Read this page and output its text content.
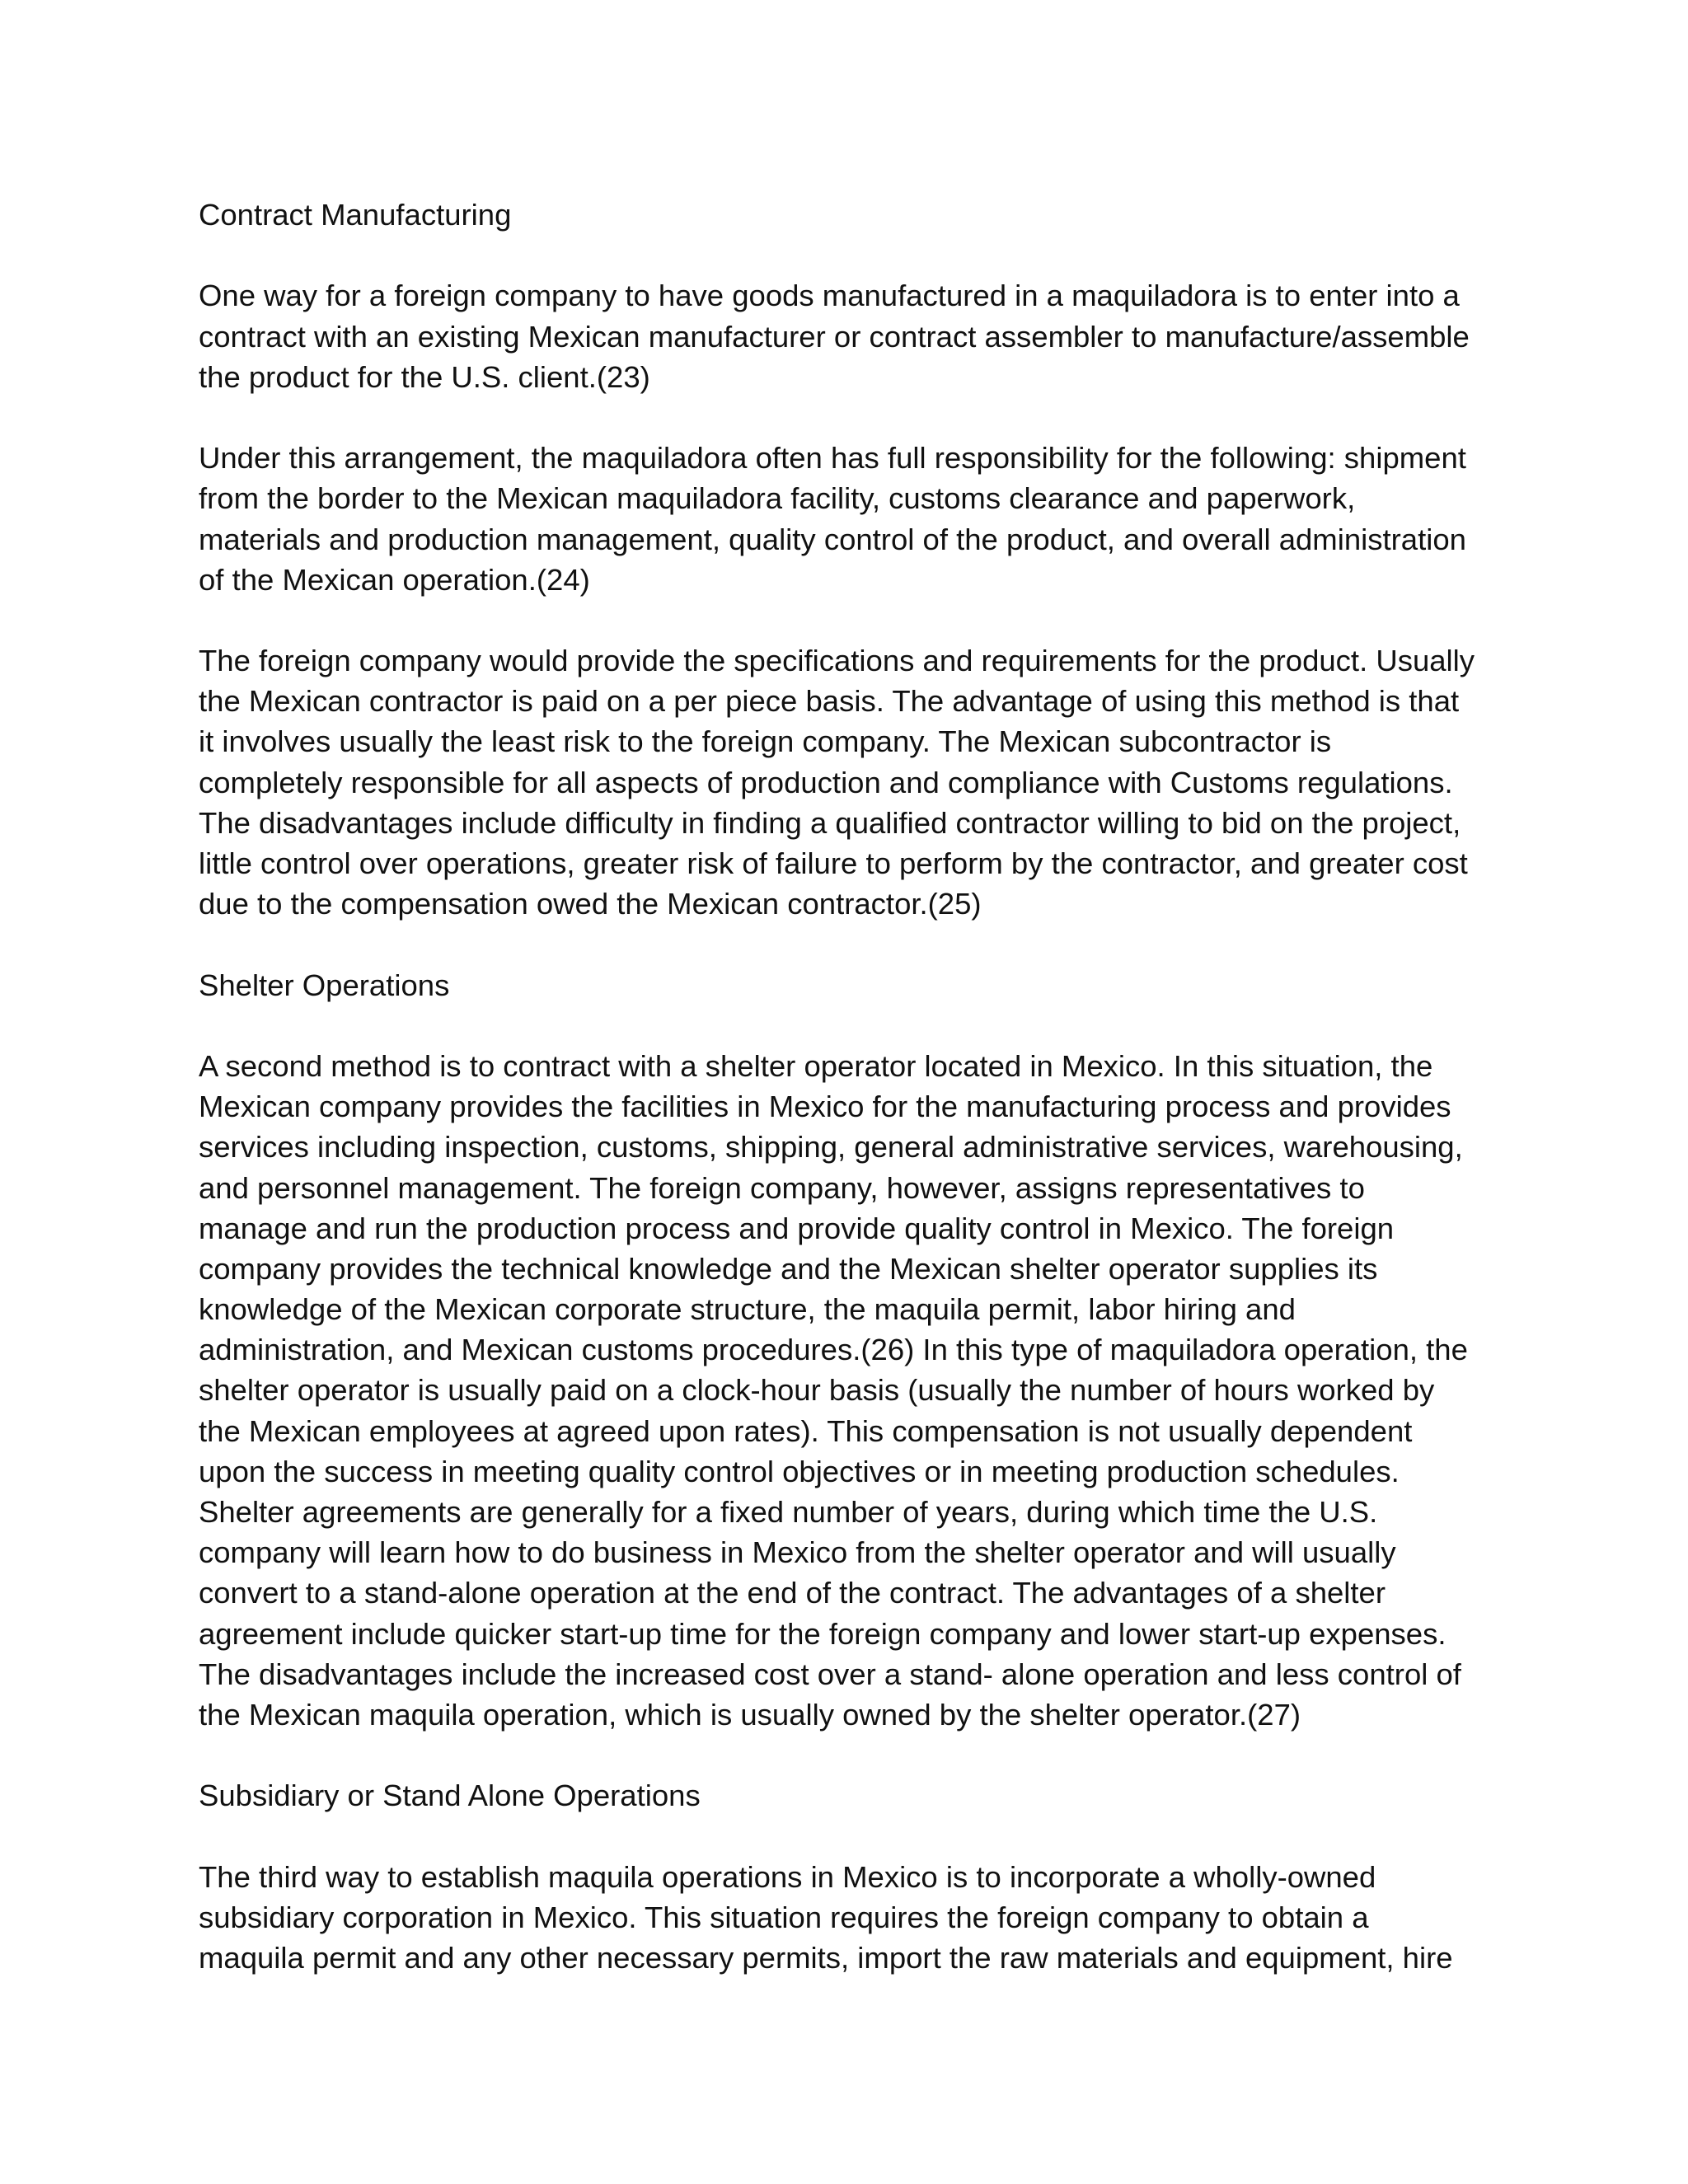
Contract Manufacturing
One way for a foreign company to have goods manufactured in a maquiladora is to enter into a
contract with an existing Mexican manufacturer or contract assembler to manufacture/assemble
the product for the U.S. client.(23)
Under this arrangement, the maquiladora often has full responsibility for the following: shipment
from the border to the Mexican maquiladora facility, customs clearance and paperwork,
materials and production management, quality control of the product, and overall administration
of the Mexican operation.(24)
The foreign company would provide the specifications and requirements for the product. Usually
the Mexican contractor is paid on a per piece basis. The advantage of using this method is that
it involves usually the least risk to the foreign company. The Mexican subcontractor is
completely responsible for all aspects of production and compliance with Customs regulations.
The disadvantages include difficulty in finding a qualified contractor willing to bid on the project,
little control over operations, greater risk of failure to perform by the contractor, and greater cost
due to the compensation owed the Mexican contractor.(25)
Shelter Operations
A second method is to contract with a shelter operator located in Mexico. In this situation, the
Mexican company provides the facilities in Mexico for the manufacturing process and provides
services including inspection, customs, shipping, general administrative services, warehousing,
and personnel management. The foreign company, however, assigns representatives to
manage and run the production process and provide quality control in Mexico. The foreign
company provides the technical knowledge and the Mexican shelter operator supplies its
knowledge of the Mexican corporate structure, the maquila permit, labor hiring and
administration, and Mexican customs procedures.(26) In this type of maquiladora operation, the
shelter operator is usually paid on a clock-hour basis (usually the number of hours worked by
the Mexican employees at agreed upon rates). This compensation is not usually dependent
upon the success in meeting quality control objectives or in meeting production schedules.
Shelter agreements are generally for a fixed number of years, during which time the U.S.
company will learn how to do business in Mexico from the shelter operator and will usually
convert to a stand-alone operation at the end of the contract. The advantages of a shelter
agreement include quicker start-up time for the foreign company and lower start-up expenses.
The disadvantages include the increased cost over a stand- alone operation and less control of
the Mexican maquila operation, which is usually owned by the shelter operator.(27)
Subsidiary or Stand Alone Operations
The third way to establish maquila operations in Mexico is to incorporate a wholly-owned
subsidiary corporation in Mexico. This situation requires the foreign company to obtain a
maquila permit and any other necessary permits, import the raw materials and equipment, hire
